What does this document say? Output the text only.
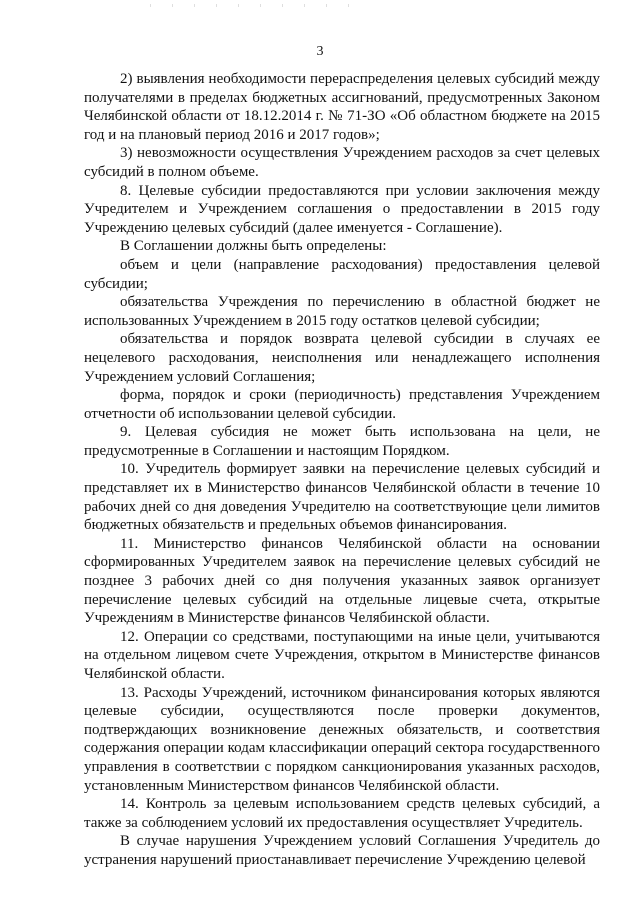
3

2) выявления необходимости перераспределения целевых субсидий между получателями в пределах бюджетных ассигнований, предусмотренных Законом Челябинской области от 18.12.2014 г. № 71-ЗО «Об областном бюджете на 2015 год и на плановый период 2016 и 2017 годов»;

3) невозможности осуществления Учреждением расходов за счет целевых субсидий в полном объеме.

8. Целевые субсидии предоставляются при условии заключения между Учредителем и Учреждением соглашения о предоставлении в 2015 году Учреждению целевых субсидий (далее именуется - Соглашение).

В Соглашении должны быть определены:

объем и цели (направление расходования) предоставления целевой субсидии;

обязательства Учреждения по перечислению в областной бюджет не использованных Учреждением в 2015 году остатков целевой субсидии;

обязательства и порядок возврата целевой субсидии в случаях ее нецелевого расходования, неисполнения или ненадлежащего исполнения Учреждением условий Соглашения;

форма, порядок и сроки (периодичность) представления Учреждением отчетности об использовании целевой субсидии.

9. Целевая субсидия не может быть использована на цели, не предусмотренные в Соглашении и настоящим Порядком.

10. Учредитель формирует заявки на перечисление целевых субсидий и представляет их в Министерство финансов Челябинской области в течение 10 рабочих дней со дня доведения Учредителю на соответствующие цели лимитов бюджетных обязательств и предельных объемов финансирования.

11. Министерство финансов Челябинской области на основании сформированных Учредителем заявок на перечисление целевых субсидий не позднее 3 рабочих дней со дня получения указанных заявок организует перечисление целевых субсидий на отдельные лицевые счета, открытые Учреждениям в Министерстве финансов Челябинской области.

12. Операции со средствами, поступающими на иные цели, учитываются на отдельном лицевом счете Учреждения, открытом в Министерстве финансов Челябинской области.

13. Расходы Учреждений, источником финансирования которых являются целевые субсидии, осуществляются после проверки документов, подтверждающих возникновение денежных обязательств, и соответствия содержания операции кодам классификации операций сектора государственного управления в соответствии с порядком санкционирования указанных расходов, установленным Министерством финансов Челябинской области.

14. Контроль за целевым использованием средств целевых субсидий, а также за соблюдением условий их предоставления осуществляет Учредитель.

В случае нарушения Учреждением условий Соглашения Учредитель до устранения нарушений приостанавливает перечисление Учреждению целевой
